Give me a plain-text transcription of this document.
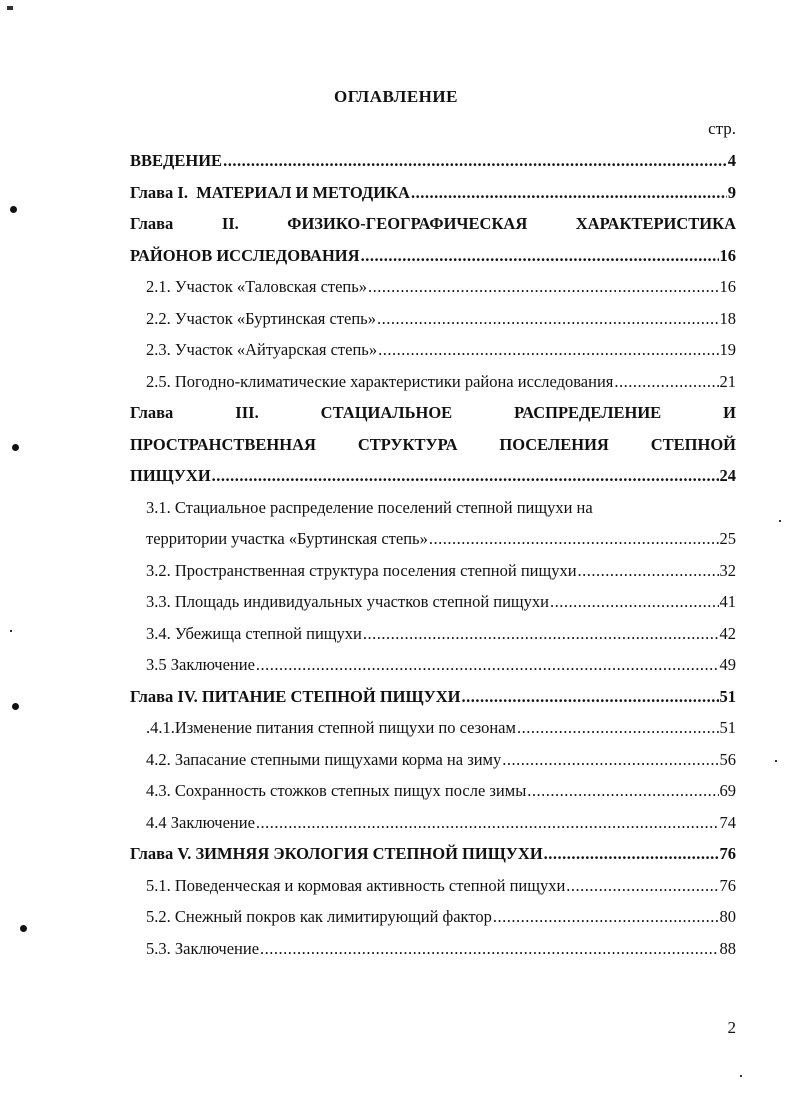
ОГЛАВЛЕНИЕ
стр.
ВВЕДЕНИЕ .....	4
Глава I.  МАТЕРИАЛ И МЕТОДИКА .....	9
Глава II. ФИЗИКО-ГЕОГРАФИЧЕСКАЯ ХАРАКТЕРИСТИКА
РАЙОНОВ ИССЛЕДОВАНИЯ .....	16
2.1. Участок «Таловская степь» .....	16
2.2. Участок «Буртинская степь» .....	18
2.3. Участок «Айтуарская степь» .....	19
2.5. Погодно-климатические характеристики района исследования .....	21
Глава III. СТАЦИАЛЬНОЕ РАСПРЕДЕЛЕНИЕ И
ПРОСТРАНСТВЕННАЯ СТРУКТУРА ПОСЕЛЕНИЯ СТЕПНОЙ
ПИЩУХИ .....	24
3.1. Стациальное распределение поселений степной пищухи на
территории участка «Буртинская степь» .....	25
3.2. Пространственная структура поселения степной пищухи .....	32
3.3. Площадь индивидуальных участков степной пищухи .....	41
3.4. Убежища степной пищухи .....	42
3.5 Заключение .....	49
Глава IV. ПИТАНИЕ СТЕПНОЙ ПИЩУХИ .....	51
.4.1.Изменение питания степной пищухи по сезонам .....	51
4.2. Запасание степными пищухами корма на зиму .....	56
4.3. Сохранность стожков степных пищух после зимы .....	69
4.4 Заключение .....	74
Глава V. ЗИМНЯЯ ЭКОЛОГИЯ СТЕПНОЙ ПИЩУХИ .....	76
5.1. Поведенческая и кормовая активность степной пищухи .....	76
5.2. Снежный покров как лимитирующий фактор .....	80
5.3. Заключение .....	88
2
